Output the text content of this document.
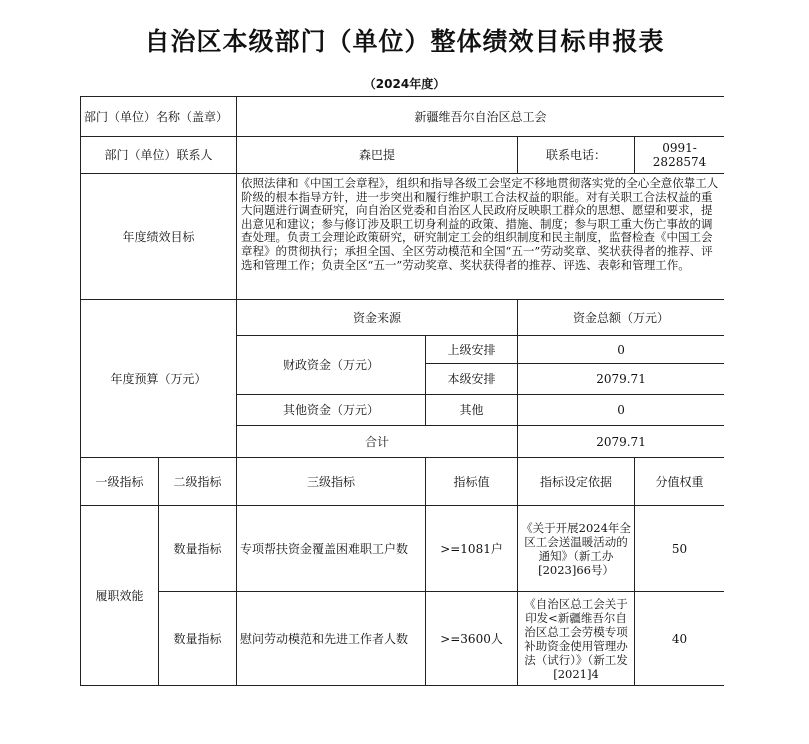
自治区本级部门（单位）整体绩效目标申报表
（2024年度）
部门（单位）名称（盖章）		新疆维吾尔自治区总工会			
部门（单位）联系人		森巴提		联系电话：	0991-2828574
年度绩效目标		依照法律和《中国工会章程》，组织和指导各级工会坚定不移地贯彻落实党的全心全意依靠工人阶级的根本指导方针，进一步突出和履行维护职工合法权益的职能。对有关职工合法权益的重大问题进行调查研究，向自治区党委和自治区人民政府反映职工群众的思想、愿望和要求，提出意见和建议；参与修订涉及职工切身利益的政策、措施、制度；参与职工重大伤亡事故的调查处理。负责工会理论政策研究，研究制定工会的组织制度和民主制度，监督检查《中国工会章程》的贯彻执行；承担全国、全区劳动模范和全国“五一”劳动奖章、奖状获得者的推荐、评选和管理工作；负责全区“五一”劳动奖章、奖状获得者的推荐、评选、表彰和管理工作。			
年度预算（万元）		资金来源		资金总额（万元）	
		财政资金（万元）	上级安排	0	
			本级安排	2079.71	
		其他资金（万元）	其他	0	
		合计		2079.71	
一级指标	二级指标	三级指标	指标值	指标设定依据	分值权重
履职效能	数量指标	专项帮扶资金覆盖困难职工户数	>=1081户	《关于开展2024年全区工会送温暖活动的通知》（新工办[2023]66号）	50
	数量指标	慰问劳动模范和先进工作者人数	>=3600人	《自治区总工会关于印发<新疆维吾尔自治区总工会劳模专项补助资金使用管理办法（试行）》（新工发[2021]4	40
